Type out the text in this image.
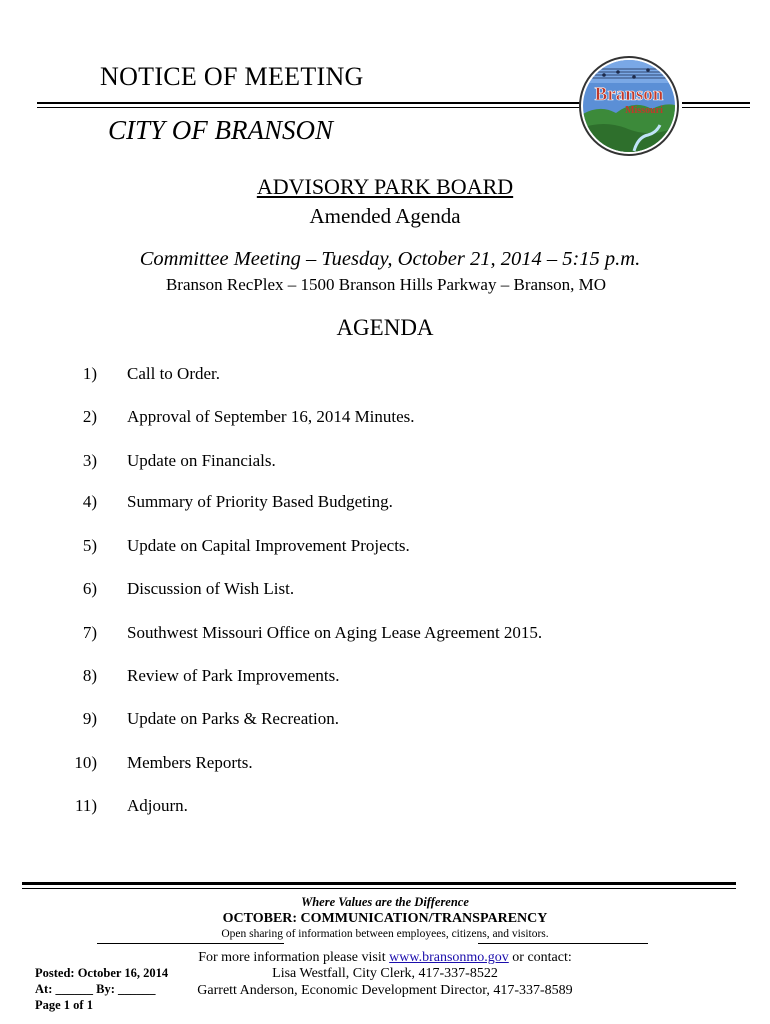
NOTICE OF MEETING
CITY OF BRANSON
Branson
Missouri
ADVISORY PARK BOARD
Amended Agenda
Committee Meeting – Tuesday, October 21, 2014 – 5:15 p.m.
Branson RecPlex – 1500 Branson Hills Parkway – Branson, MO
AGENDA
1) Call to Order.
2) Approval of September 16, 2014 Minutes.
3) Update on Financials.
4) Summary of Priority Based Budgeting.
5) Update on Capital Improvement Projects.
6) Discussion of Wish List.
7) Southwest Missouri Office on Aging Lease Agreement 2015.
8) Review of Park Improvements.
9) Update on Parks & Recreation.
10) Members Reports.
11) Adjourn.
Where Values are the Difference
OCTOBER: COMMUNICATION/TRANSPARENCY
Open sharing of information between employees, citizens, and visitors.
For more information please visit www.bransonmo.gov or contact:
Lisa Westfall, City Clerk, 417-337-8522
Garrett Anderson, Economic Development Director, 417-337-8589
Posted: October 16, 2014
At: ______ By: ______
Page 1 of 1
